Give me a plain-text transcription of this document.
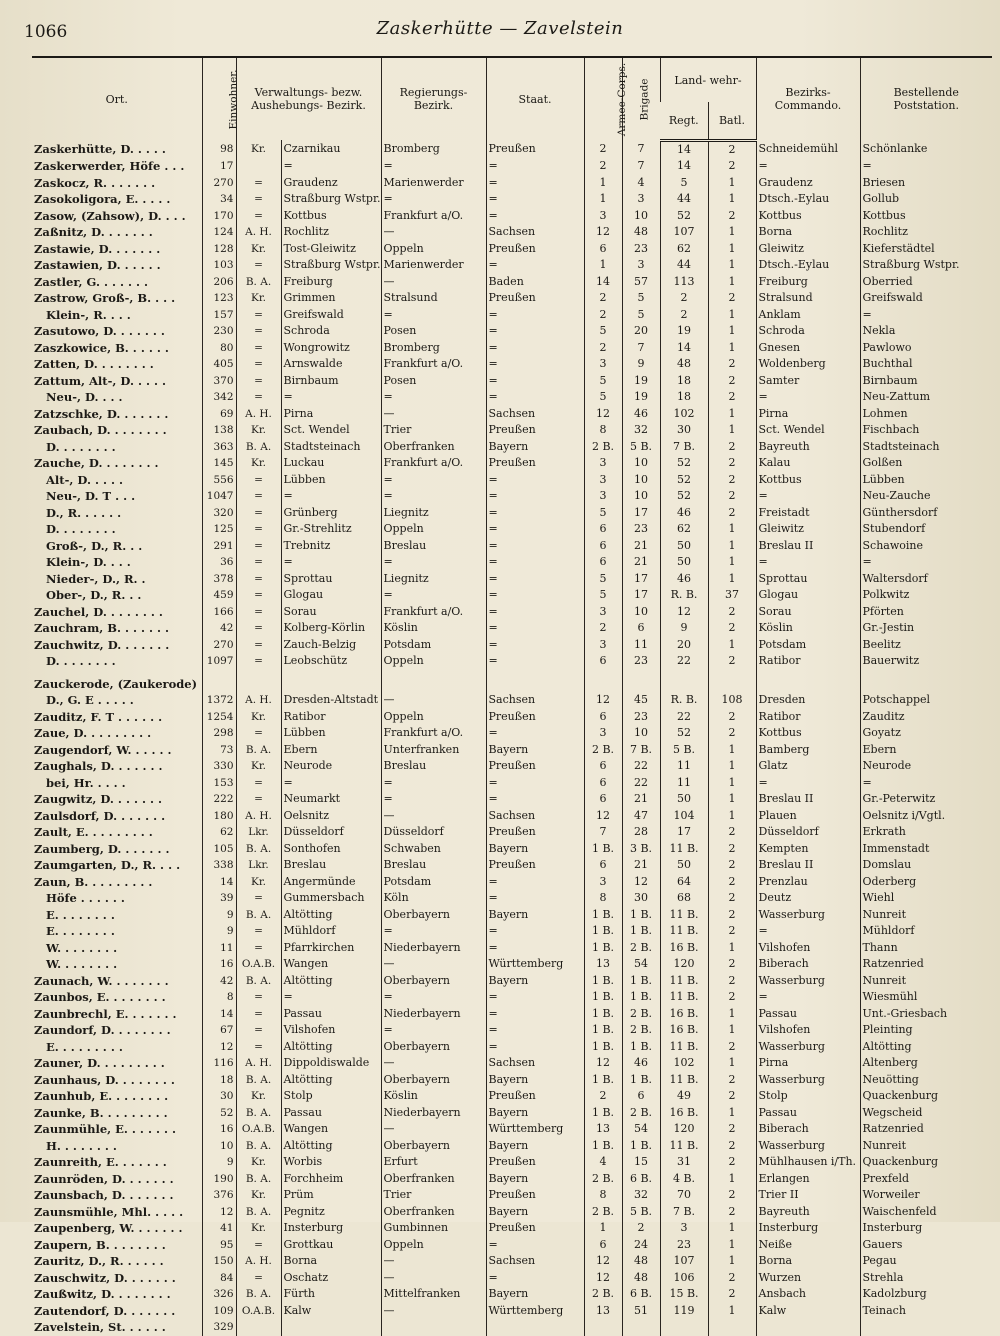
1066	Zaskerhütte — Zavelstein
Ort.	Einwohner.	Verwaltungs- bezw. Aushebungs- Bezirk.		Regierungs- Bezirk.	Staat.	Armee-Corps.	Brigade	Land- wehr-		Bezirks- Commando.	Bestellende Poststation.
								Regt.	Batl.		
Zaskerhütte, D. . . . .	98	Kr.	Czarnikau	Bromberg	Preußen	2	7	14	2	Schneidemühl	Schönlanke
Zaskerwerder, Höfe . . .	17		=	=	=	2	7	14	2	=	=
Zaskocz, R. . . . . . .	270	=	Graudenz	Marienwerder	=	1	4	5	1	Graudenz	Briesen
Zasokoligora, E. . . . .	34	=	Straßburg Wstpr.	=	=	1	3	44	1	Dtsch.-Eylau	Gollub
Zasow, (Zahsow), D. . . .	170	=	Kottbus	Frankfurt a/O.	=	3	10	52	2	Kottbus	Kottbus
Zaßnitz, D. . . . . . .	124	A. H.	Rochlitz	—	Sachsen	12	48	107	1	Borna	Rochlitz
Zastawie, D. . . . . . .	128	Kr.	Tost-Gleiwitz	Oppeln	Preußen	6	23	62	1	Gleiwitz	Kieferstädtel
Zastawien, D. . . . . .	103	=	Straßburg Wstpr.	Marienwerder	=	1	3	44	1	Dtsch.-Eylau	Straßburg Wstpr.
Zastler, G. . . . . . .	206	B. A.	Freiburg	—	Baden	14	57	113	1	Freiburg	Oberried
Zastrow, Groß-, B. . . .	123	Kr.	Grimmen	Stralsund	Preußen	2	5	2	2	Stralsund	Greifswald
Klein-, R. . . .	157	=	Greifswald	=	=	2	5	2	1	Anklam	=
Zasutowo, D. . . . . . .	230	=	Schroda	Posen	=	5	20	19	1	Schroda	Nekla
Zaszkowice, B. . . . . .	80	=	Wongrowitz	Bromberg	=	2	7	14	1	Gnesen	Pawlowo
Zatten, D. . . . . . . .	405	=	Arnswalde	Frankfurt a/O.	=	3	9	48	2	Woldenberg	Buchthal
Zattum, Alt-, D. . . . .	370	=	Birnbaum	Posen	=	5	19	18	2	Samter	Birnbaum
Neu-, D. . . .	342	=	=	=	=	5	19	18	2	=	Neu-Zattum
Zatzschke, D. . . . . . .	69	A. H.	Pirna	—	Sachsen	12	46	102	1	Pirna	Lohmen
Zaubach, D. . . . . . . .	138	Kr.	Sct. Wendel	Trier	Preußen	8	32	30	1	Sct. Wendel	Fischbach
D. . . . . . . .	363	B. A.	Stadtsteinach	Oberfranken	Bayern	2 B.	5 B.	7 B.	2	Bayreuth	Stadtsteinach
Zauche, D. . . . . . . .	145	Kr.	Luckau	Frankfurt a/O.	Preußen	3	10	52	2	Kalau	Golßen
Alt-, D. . . . .	556	=	Lübben	=	=	3	10	52	2	Kottbus	Lübben
Neu-, D. T . . .	1047	=	=	=	=	3	10	52	2	=	Neu-Zauche
D., R. . . . . .	320	=	Grünberg	Liegnitz	=	5	17	46	2	Freistadt	Günthersdorf
D. . . . . . . .	125	=	Gr.-Strehlitz	Oppeln	=	6	23	62	1	Gleiwitz	Stubendorf
Groß-, D., R. . .	291	=	Trebnitz	Breslau	=	6	21	50	1	Breslau II	Schawoine
Klein-, D. . . .	36	=	=	=	=	6	21	50	1	=	=
Nieder-, D., R. .	378	=	Sprottau	Liegnitz	=	5	17	46	1	Sprottau	Waltersdorf
Ober-, D., R. . .	459	=	Glogau	=	=	5	17	R. B.	37	Glogau	Polkwitz
Zauchel, D. . . . . . . .	166	=	Sorau	Frankfurt a/O.	=	3	10	12	2	Sorau	Pförten
Zauchram, B. . . . . . .	42	=	Kolberg-Körlin	Köslin	=	2	6	9	2	Köslin	Gr.-Jestin
Zauchwitz, D. . . . . . .	270	=	Zauch-Belzig	Potsdam	=	3	11	20	1	Potsdam	Beelitz
D. . . . . . . .	1097	=	Leobschütz	Oppeln	=	6	23	22	2	Ratibor	Bauerwitz

Zauckerode, (Zaukerode)											
D., G. E . . . . .	1372	A. H.	Dresden-Altstadt	—	Sachsen	12	45	R. B.	108	Dresden	Potschappel
Zauditz, F. T . . . . . .	1254	Kr.	Ratibor	Oppeln	Preußen	6	23	22	2	Ratibor	Zauditz
Zaue, D. . . . . . . . .	298	=	Lübben	Frankfurt a/O.	=	3	10	52	2	Kottbus	Goyatz
Zaugendorf, W. . . . . .	73	B. A.	Ebern	Unterfranken	Bayern	2 B.	7 B.	5 B.	1	Bamberg	Ebern
Zaughals, D. . . . . . .	330	Kr.	Neurode	Breslau	Preußen	6	22	11	1	Glatz	Neurode
bei, Hr. . . . .	153	=	=	=	=	6	22	11	1	=	=
Zaugwitz, D. . . . . . .	222	=	Neumarkt	=	=	6	21	50	1	Breslau II	Gr.-Peterwitz
Zaulsdorf, D. . . . . . .	180	A. H.	Oelsnitz	—	Sachsen	12	47	104	1	Plauen	Oelsnitz i/Vgtl.
Zault, E. . . . . . . . .	62	Lkr.	Düsseldorf	Düsseldorf	Preußen	7	28	17	2	Düsseldorf	Erkrath
Zaumberg, D. . . . . . .	105	B. A.	Sonthofen	Schwaben	Bayern	1 B.	3 B.	11 B.	2	Kempten	Immenstadt
Zaumgarten, D., R. . . .	338	Lkr.	Breslau	Breslau	Preußen	6	21	50	2	Breslau II	Domslau
Zaun, B. . . . . . . . .	14	Kr.	Angermünde	Potsdam	=	3	12	64	2	Prenzlau	Oderberg
Höfe . . . . . .	39	=	Gummersbach	Köln	=	8	30	68	2	Deutz	Wiehl
E. . . . . . . .	9	B. A.	Altötting	Oberbayern	Bayern	1 B.	1 B.	11 B.	2	Wasserburg	Nunreit
E. . . . . . . .	9	=	Mühldorf	=	=	1 B.	1 B.	11 B.	2	=	Mühldorf
W. . . . . . . .	11	=	Pfarrkirchen	Niederbayern	=	1 B.	2 B.	16 B.	1	Vilshofen	Thann
W. . . . . . . .	16	O.A.B.	Wangen	—	Württemberg	13	54	120	2	Biberach	Ratzenried
Zaunach, W. . . . . . . .	42	B. A.	Altötting	Oberbayern	Bayern	1 B.	1 B.	11 B.	2	Wasserburg	Nunreit
Zaunbos, E. . . . . . . .	8	=	=	=	=	1 B.	1 B.	11 B.	2	=	Wiesmühl
Zaunbrechl, E. . . . . . .	14	=	Passau	Niederbayern	=	1 B.	2 B.	16 B.	1	Passau	Unt.-Griesbach
Zaundorf, D. . . . . . . .	67	=	Vilshofen	=	=	1 B.	2 B.	16 B.	1	Vilshofen	Pleinting
E. . . . . . . . .	12	=	Altötting	Oberbayern	=	1 B.	1 B.	11 B.	2	Wasserburg	Altötting
Zauner, D. . . . . . . . .	116	A. H.	Dippoldiswalde	—	Sachsen	12	46	102	1	Pirna	Altenberg
Zaunhaus, D. . . . . . . .	18	B. A.	Altötting	Oberbayern	Bayern	1 B.	1 B.	11 B.	2	Wasserburg	Neuötting
Zaunhub, E. . . . . . . .	30	Kr.	Stolp	Köslin	Preußen	2	6	49	2	Stolp	Quackenburg
Zaunke, B. . . . . . . . .	52	B. A.	Passau	Niederbayern	Bayern	1 B.	2 B.	16 B.	1	Passau	Wegscheid
Zaunmühle, E. . . . . . .	16	O.A.B.	Wangen	—	Württemberg	13	54	120	2	Biberach	Ratzenried
H. . . . . . . .	10	B. A.	Altötting	Oberbayern	Bayern	1 B.	1 B.	11 B.	2	Wasserburg	Nunreit
Zaunreith, E. . . . . . .	9	Kr.	Worbis	Erfurt	Preußen	4	15	31	2	Mühlhausen i/Th.	Quackenburg
Zaunröden, D. . . . . . .	190	B. A.	Forchheim	Oberfranken	Bayern	2 B.	6 B.	4 B.	1	Erlangen	Prexfeld
Zaunsbach, D. . . . . . .	376	Kr.	Prüm	Trier	Preußen	8	32	70	2	Trier II	Worweiler
Zaunsmühle, Mhl. . . . .	12	B. A.	Pegnitz	Oberfranken	Bayern	2 B.	5 B.	7 B.	2	Bayreuth	Waischenfeld
Zaupenberg, W. . . . . . .	41	Kr.	Insterburg	Gumbinnen	Preußen	1	2	3	1	Insterburg	Insterburg
Zaupern, B. . . . . . . .	95	=	Grottkau	Oppeln	=	6	24	23	1	Neiße	Gauers
Zauritz, D., R. . . . . .	150	A. H.	Borna	—	Sachsen	12	48	107	1	Borna	Pegau
Zauschwitz, D. . . . . . .	84	=	Oschatz	—	=	12	48	106	2	Wurzen	Strehla
Zaußwitz, D. . . . . . . .	326	B. A.	Fürth	Mittelfranken	Bayern	2 B.	6 B.	15 B.	2	Ansbach	Kadolzburg
Zautendorf, D. . . . . . .	109	O.A.B.	Kalw	—	Württemberg	13	51	119	1	Kalw	Teinach
Zavelstein, St. . . . . .	329										
